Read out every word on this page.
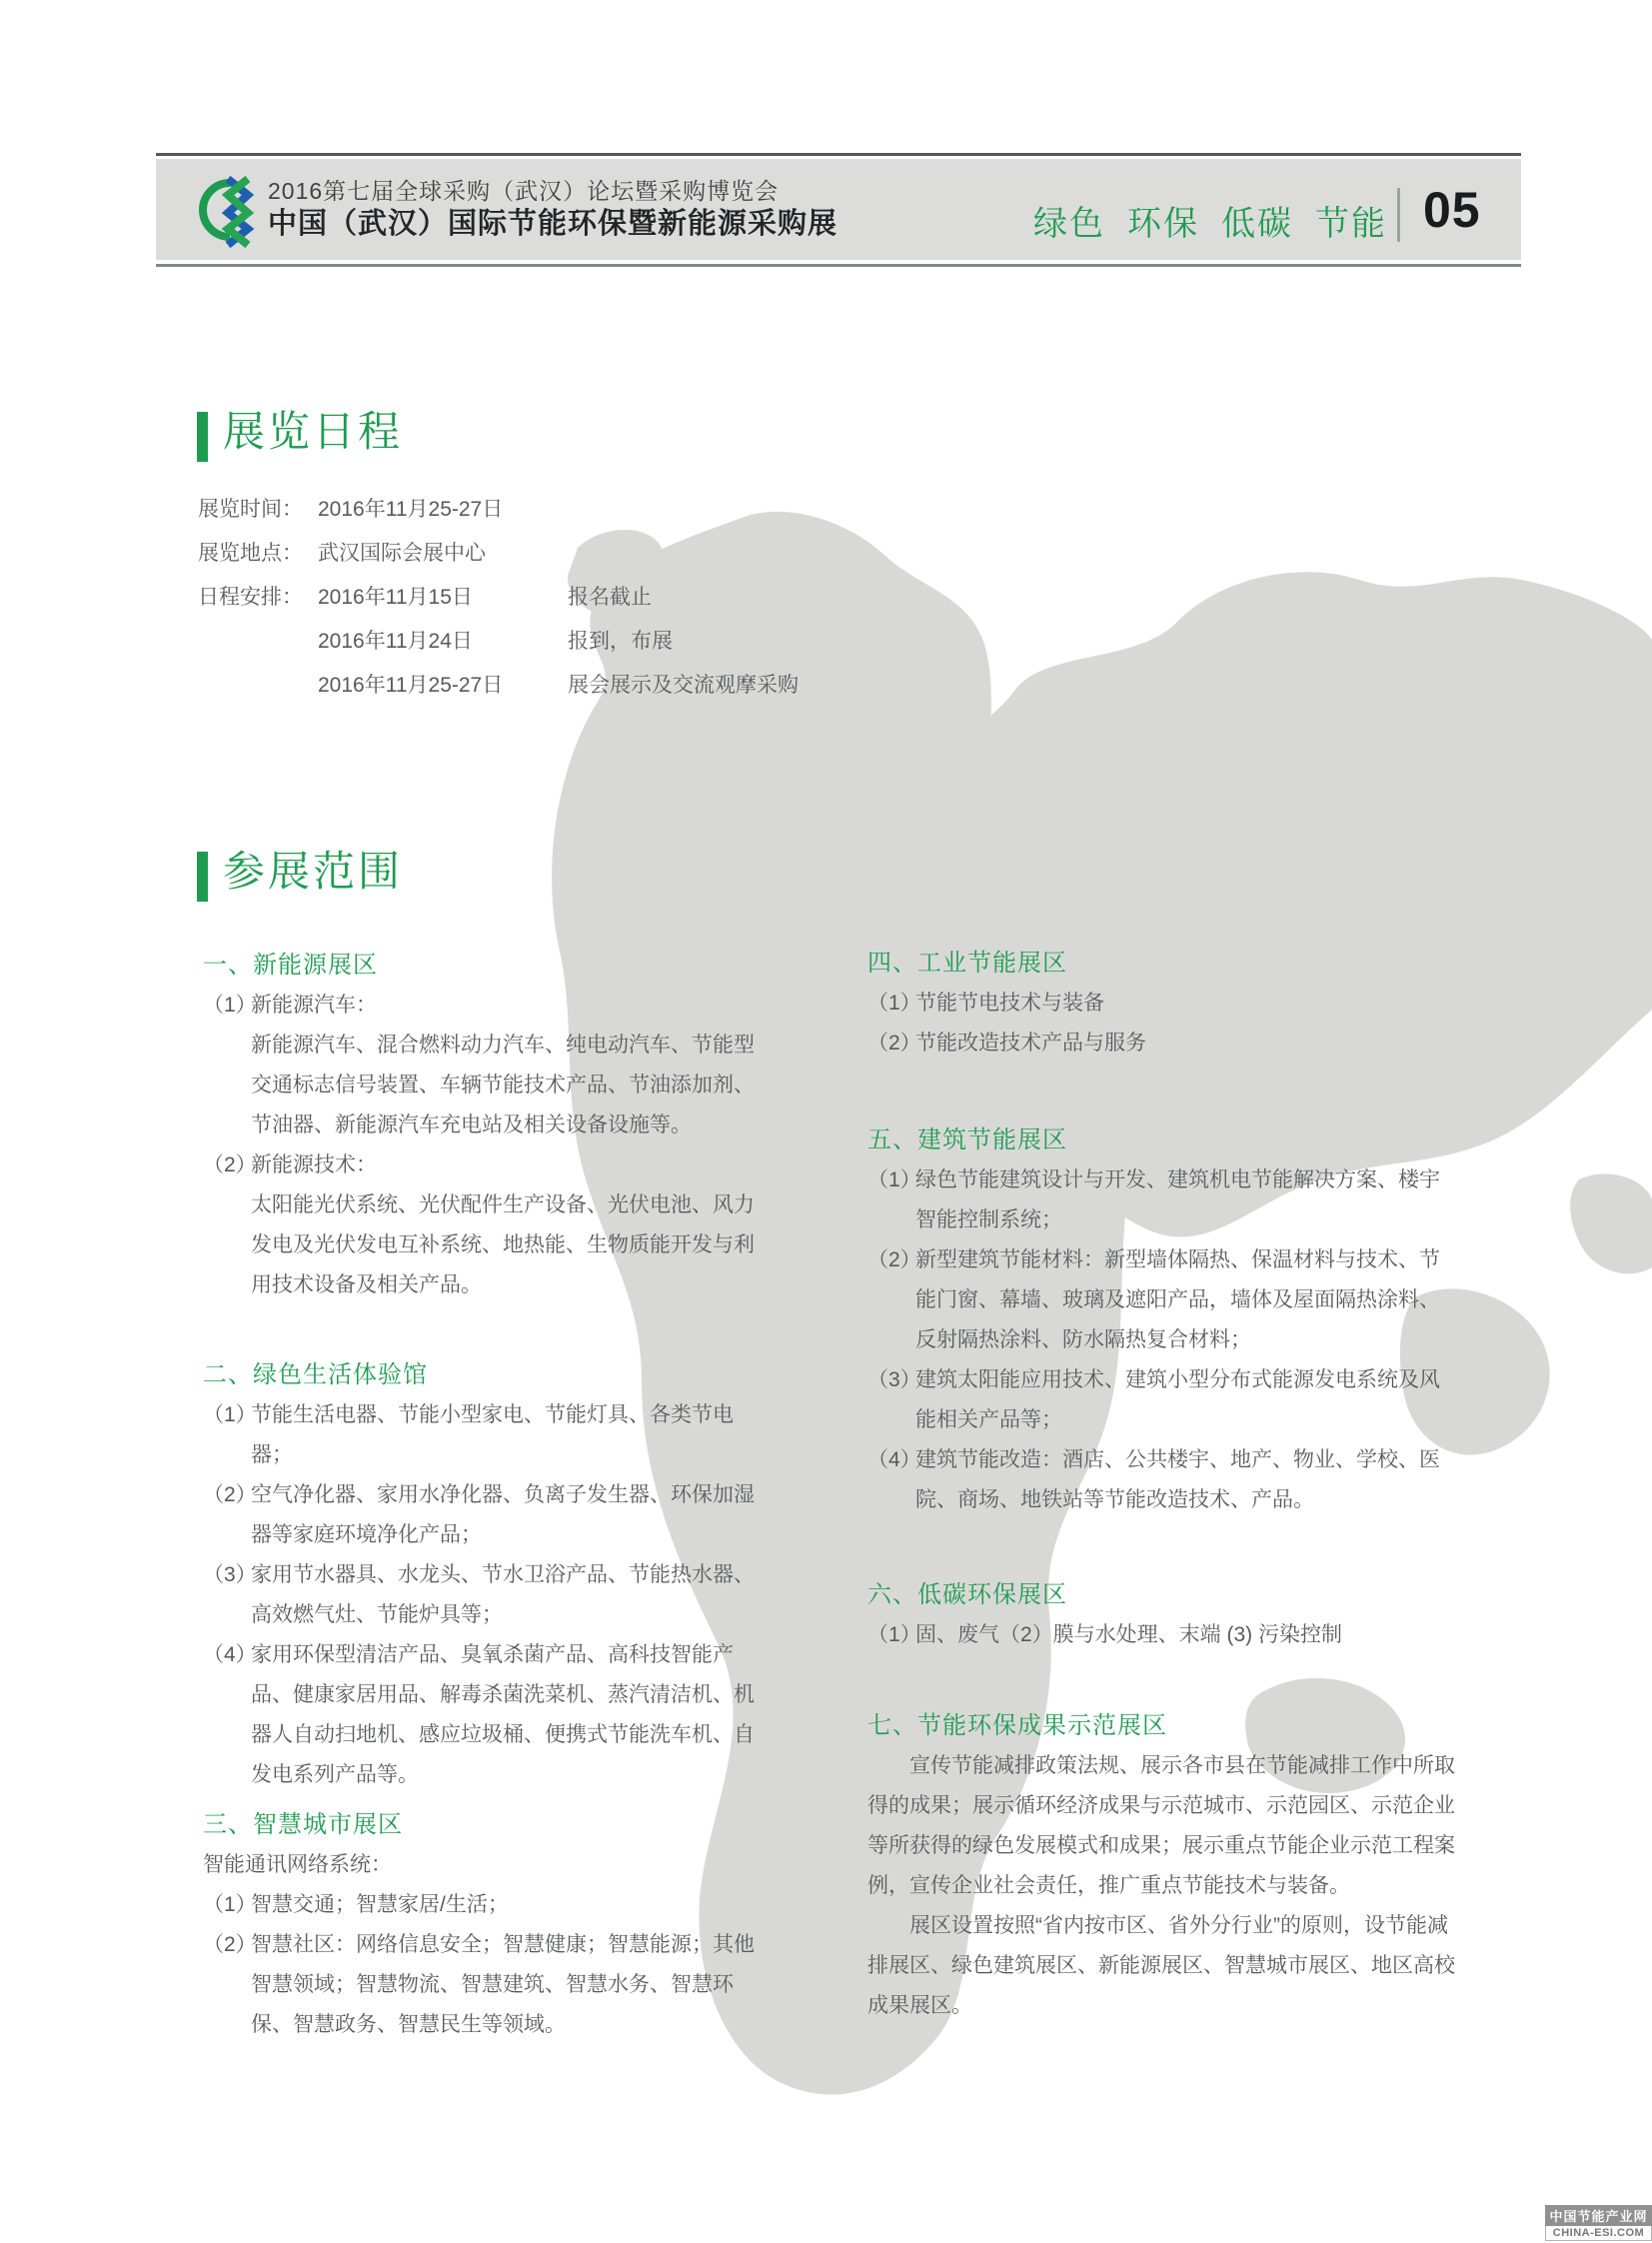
2016第七届全球采购（武汉）论坛暨采购博览会
中国（武汉）国际节能环保暨新能源采购展	绿色 环保 低碳 节能 05
展览日程
展览时间： 2016年11月25-27日
展览地点： 武汉国际会展中心
日程安排： 2016年11月15日	报名截止
2016年11月24日	报到，布展
2016年11月25-27日	展会展示及交流观摩采购
参展范围
一、新能源展区
（1）
新能源汽车：
新能源汽车、混合燃料动力汽车、纯电动汽车、节能型交通标志信号装置、车辆节能技术产品、节油添加剂、节油器、新能源汽车充电站及相关设备设施等。
（2）
新能源技术：
太阳能光伏系统、光伏配件生产设备、光伏电池、风力发电及光伏发电互补系统、地热能、生物质能开发与利用技术设备及相关产品。
二、绿色生活体验馆
（1）
节能生活电器、节能小型家电、节能灯具、各类节电器；
（2）
空气净化器、家用水净化器、负离子发生器、环保加湿器等家庭环境净化产品；
（3）
家用节水器具、水龙头、节水卫浴产品、节能热水器、高效燃气灶、节能炉具等；
（4）
家用环保型清洁产品、臭氧杀菌产品、高科技智能产品、健康家居用品、解毒杀菌洗菜机、蒸汽清洁机、机器人自动扫地机、感应垃圾桶、便携式节能洗车机、自发电系列产品等。
三、智慧城市展区
智能通讯网络系统：
（1）
智慧交通；智慧家居/生活；
（2）
智慧社区：网络信息安全；智慧健康；智慧能源；其他智慧领域；智慧物流、智慧建筑、智慧水务、智慧环保、智慧政务、智慧民生等领域。
四、工业节能展区
（1）
节能节电技术与装备
（2）
节能改造技术产品与服务
五、建筑节能展区
（1）
绿色节能建筑设计与开发、建筑机电节能解决方案、楼宇智能控制系统；
（2）
新型建筑节能材料：新型墙体隔热、保温材料与技术、节能门窗、幕墙、玻璃及遮阳产品，墙体及屋面隔热涂料、反射隔热涂料、防水隔热复合材料；
（3）
建筑太阳能应用技术、建筑小型分布式能源发电系统及风能相关产品等；
（4）
建筑节能改造：酒店、公共楼宇、地产、物业、学校、医院、商场、地铁站等节能改造技术、产品。
六、低碳环保展区
（1）
固、废气（2）膜与水处理、末端 (3) 污染控制
七、节能环保成果示范展区
宣传节能减排政策法规、展示各市县在节能减排工作中所取得的成果；展示循环经济成果与示范城市、示范园区、示范企业等所获得的绿色发展模式和成果；展示重点节能企业示范工程案例，宣传企业社会责任，推广重点节能技术与装备。
展区设置按照“省内按市区、省外分行业”的原则，设节能减排展区、绿色建筑展区、新能源展区、智慧城市展区、地区高校成果展区。
中国节能产业网
CHINA-ESI.COM
